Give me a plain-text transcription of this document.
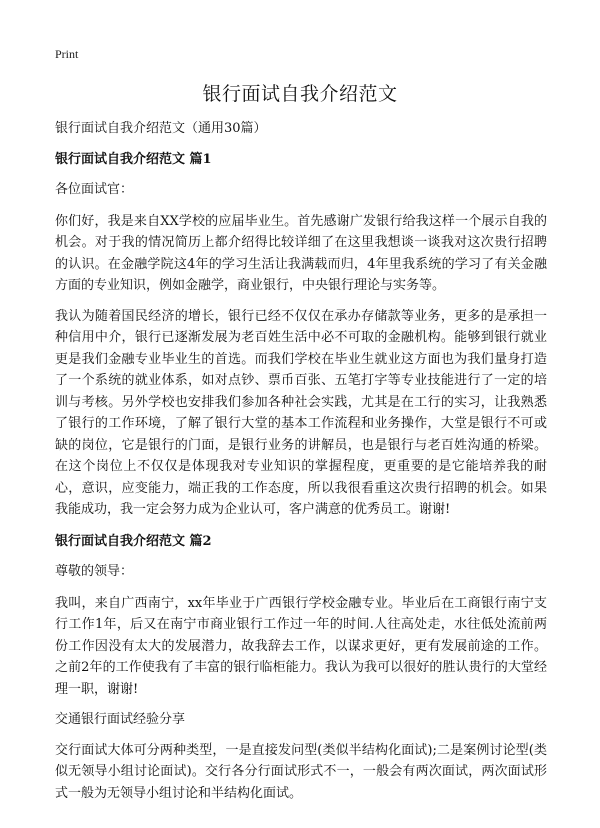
Print
银行面试自我介绍范文

银行面试自我介绍范文（通用30篇）

银行面试自我介绍范文 篇1

各位面试官：

你们好，我是来自XX学校的应届毕业生。首先感谢广发银行给我这样一个展示自我的机会。对于我的情况简历上都介绍得比较详细了在这里我想谈一谈我对这次贵行招聘的认识。在金融学院这4年的学习生活让我满载而归，4年里我系统的学习了有关金融方面的专业知识，例如金融学，商业银行，中央银行理论与实务等。

我认为随着国民经济的增长，银行已经不仅仅在承办存储款等业务，更多的是承担一种信用中介，银行已逐渐发展为老百姓生活中必不可取的金融机构。能够到银行就业更是我们金融专业毕业生的首选。而我们学校在毕业生就业这方面也为我们量身打造了一个系统的就业体系，如对点钞、票币百张、五笔打字等专业技能进行了一定的培训与考核。另外学校也安排我们参加各种社会实践，尤其是在工行的实习，让我熟悉了银行的工作环境，了解了银行大堂的基本工作流程和业务操作，大堂是银行不可或缺的岗位，它是银行的门面，是银行业务的讲解员，也是银行与老百姓沟通的桥梁。在这个岗位上不仅仅是体现我对专业知识的掌握程度，更重要的是它能培养我的耐心，意识，应变能力，端正我的工作态度，所以我很看重这次贵行招聘的机会。如果我能成功，我一定会努力成为企业认可，客户满意的优秀员工。谢谢!

银行面试自我介绍范文 篇2

尊敬的领导：

我叫，来自广西南宁，xx年毕业于广西银行学校金融专业。毕业后在工商银行南宁支行工作1年，后又在南宁市商业银行工作过一年的时间.人往高处走，水往低处流前两份工作因没有太大的发展潜力，故我辞去工作，以谋求更好，更有发展前途的工作。之前2年的工作使我有了丰富的银行临柜能力。我认为我可以很好的胜认贵行的大堂经理一职，谢谢!

交通银行面试经验分享

交行面试大体可分两种类型，一是直接发问型(类似半结构化面试);二是案例讨论型(类似无领导小组讨论面试)。交行各分行面试形式不一，一般会有两次面试，两次面试形式一般为无领导小组讨论和半结构化面试。
